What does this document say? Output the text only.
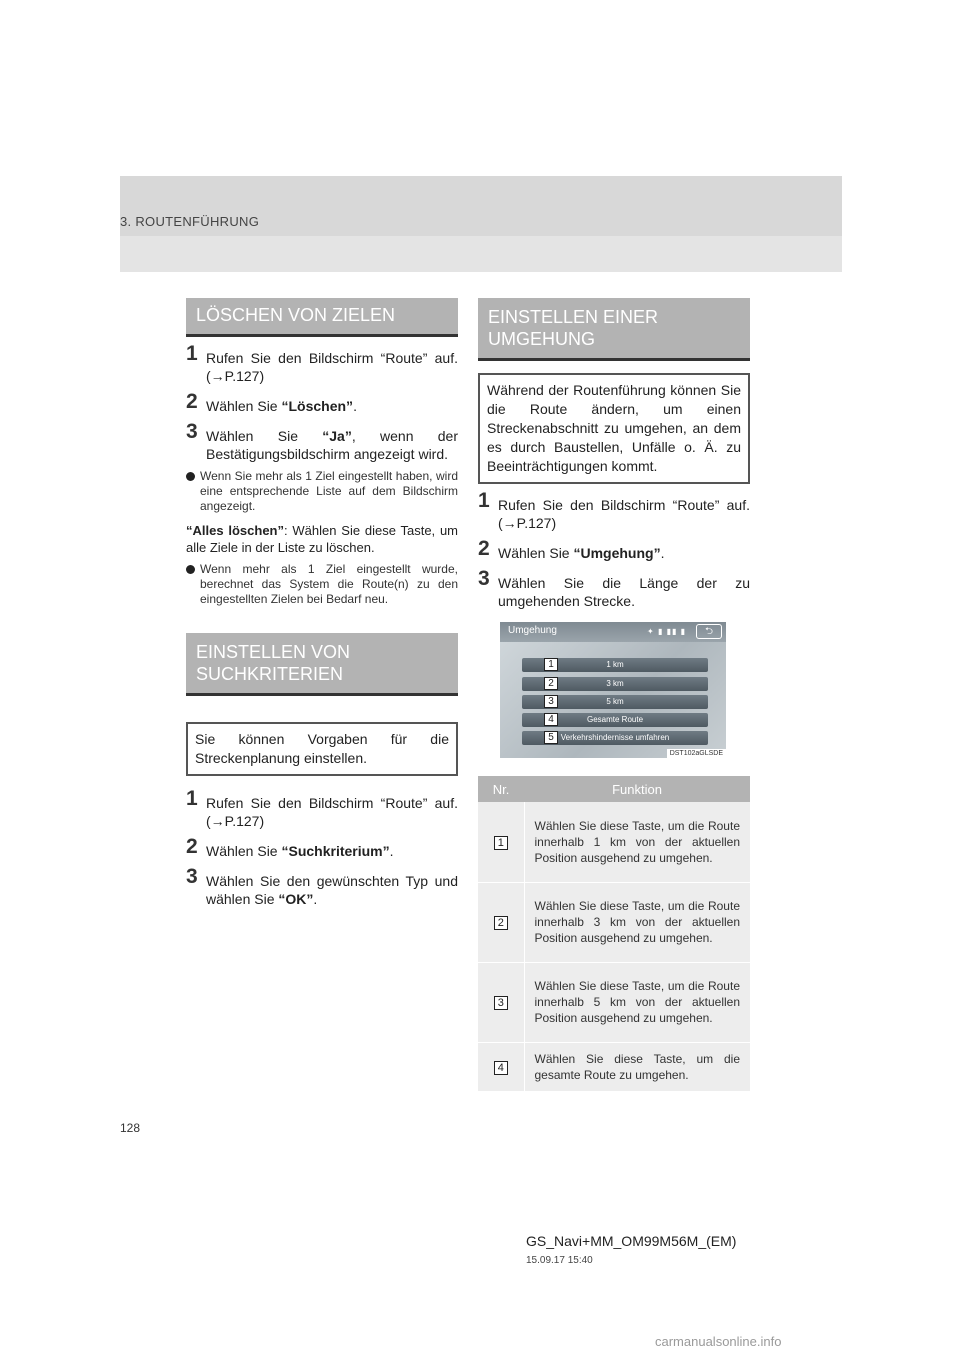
3. ROUTENFÜHRUNG
LÖSCHEN VON ZIELEN
1 Rufen Sie den Bildschirm “Route” auf. (→P.127)
2 Wählen Sie “Löschen”.
3 Wählen Sie “Ja”, wenn der Bestätigungsbildschirm angezeigt wird.
Wenn Sie mehr als 1 Ziel eingestellt haben, wird eine entsprechende Liste auf dem Bildschirm angezeigt.
“Alles löschen”: Wählen Sie diese Taste, um alle Ziele in der Liste zu löschen.
Wenn mehr als 1 Ziel eingestellt wurde, berechnet das System die Route(n) zu den eingestellten Zielen bei Bedarf neu.
EINSTELLEN VON
SUCHKRITERIEN
Sie können Vorgaben für die Streckenplanung einstellen.
1 Rufen Sie den Bildschirm “Route” auf. (→P.127)
2 Wählen Sie “Suchkriterium”.
3 Wählen Sie den gewünschten Typ und wählen Sie “OK”.
EINSTELLEN EINER
UMGEHUNG
Während der Routenführung können Sie die Route ändern, um einen Streckenabschnitt zu umgehen, an dem es durch Baustellen, Unfälle o. Ä. zu Beeinträchtigungen kommt.
1 Rufen Sie den Bildschirm “Route” auf. (→P.127)
2 Wählen Sie “Umgehung”.
3 Wählen Sie die Länge der zu umgehenden Strecke.
Umgehung	✦ ▮ ▮▮ ▮	⮌
1 km
1
3 km
2
5 km
3
Gesamte Route
4
Verkehrshindernisse umfahren
5
DST102aGLSDE
Nr.	Funktion
1	Wählen Sie diese Taste, um die Route innerhalb 1 km von der aktuellen Position ausgehend zu umgehen.
2	Wählen Sie diese Taste, um die Route innerhalb 3 km von der aktuellen Position ausgehend zu umgehen.
3	Wählen Sie diese Taste, um die Route innerhalb 5 km von der aktuellen Position ausgehend zu umgehen.
4	Wählen Sie diese Taste, um die gesamte Route zu umgehen.
128
GS_Navi+MM_OM99M56M_(EM)
15.09.17 15:40
carmanualsonline.info
